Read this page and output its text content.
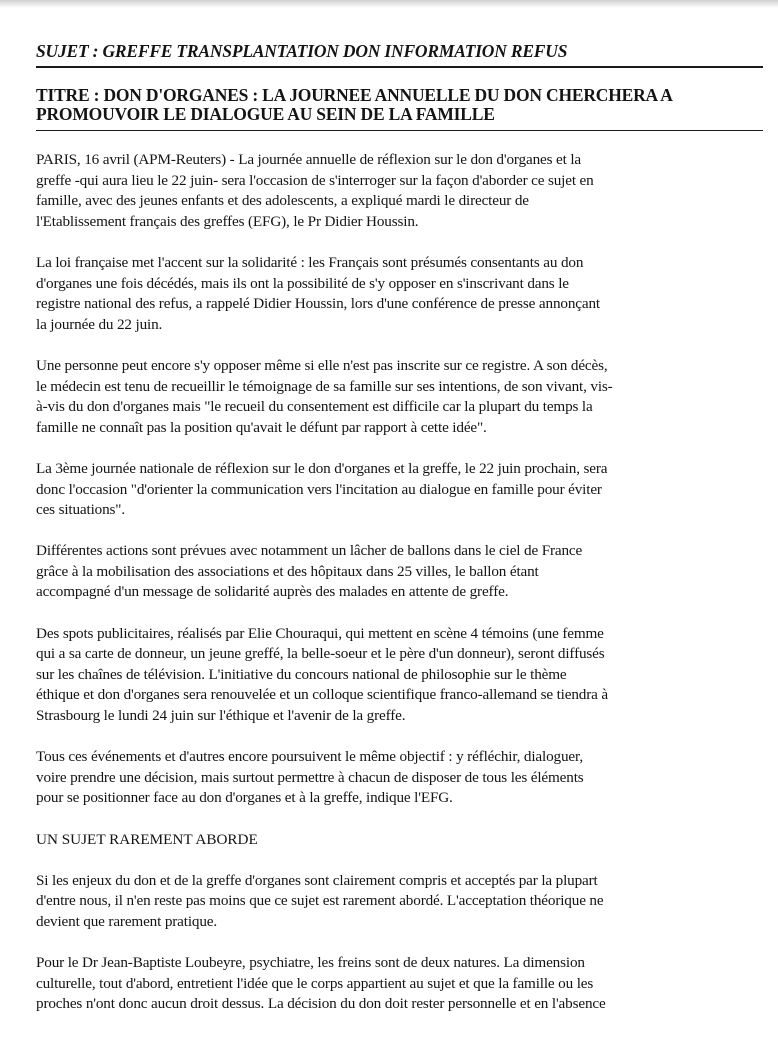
SUJET : GREFFE TRANSPLANTATION DON INFORMATION REFUS
TITRE : DON D'ORGANES : LA JOURNEE ANNUELLE DU DON CHERCHERA A
PROMOUVOIR LE DIALOGUE AU SEIN DE LA FAMILLE

PARIS, 16 avril (APM-Reuters) - La journée annuelle de réflexion sur le don d'organes et la
greffe -qui aura lieu le 22 juin- sera l'occasion de s'interroger sur la façon d'aborder ce sujet en
famille, avec des jeunes enfants et des adolescents, a expliqué mardi le directeur de
l'Etablissement français des greffes (EFG), le Pr Didier Houssin.

La loi française met l'accent sur la solidarité : les Français sont présumés consentants au don
d'organes une fois décédés, mais ils ont la possibilité de s'y opposer en s'inscrivant dans le
registre national des refus, a rappelé Didier Houssin, lors d'une conférence de presse annonçant
la journée du 22 juin.

Une personne peut encore s'y opposer même si elle n'est pas inscrite sur ce registre. A son décès,
le médecin est tenu de recueillir le témoignage de sa famille sur ses intentions, de son vivant, vis-
à-vis du don d'organes mais "le recueil du consentement est difficile car la plupart du temps la
famille ne connaît pas la position qu'avait le défunt par rapport à cette idée".

La 3ème journée nationale de réflexion sur le don d'organes et la greffe, le 22 juin prochain, sera
donc l'occasion "d'orienter la communication vers l'incitation au dialogue en famille pour éviter
ces situations".

Différentes actions sont prévues avec notamment un lâcher de ballons dans le ciel de France
grâce à la mobilisation des associations et des hôpitaux dans 25 villes, le ballon étant
accompagné d'un message de solidarité auprès des malades en attente de greffe.

Des spots publicitaires, réalisés par Elie Chouraqui, qui mettent en scène 4 témoins (une femme
qui a sa carte de donneur, un jeune greffé, la belle-soeur et le père d'un donneur), seront diffusés
sur les chaînes de télévision. L'initiative du concours national de philosophie sur le thème
éthique et don d'organes sera renouvelée et un colloque scientifique franco-allemand se tiendra à
Strasbourg le lundi 24 juin sur l'éthique et l'avenir de la greffe.

Tous ces événements et d'autres encore poursuivent le même objectif : y réfléchir, dialoguer,
voire prendre une décision, mais surtout permettre à chacun de disposer de tous les éléments
pour se positionner face au don d'organes et à la greffe, indique l'EFG.

UN SUJET RAREMENT ABORDE

Si les enjeux du don et de la greffe d'organes sont clairement compris et acceptés par la plupart
d'entre nous, il n'en reste pas moins que ce sujet est rarement abordé. L'acceptation théorique ne
devient que rarement pratique.

Pour le Dr Jean-Baptiste Loubeyre, psychiatre, les freins sont de deux natures. La dimension
culturelle, tout d'abord, entretient l'idée que le corps appartient au sujet et que la famille ou les
proches n'ont donc aucun droit dessus. La décision du don doit rester personnelle et en l'absence
